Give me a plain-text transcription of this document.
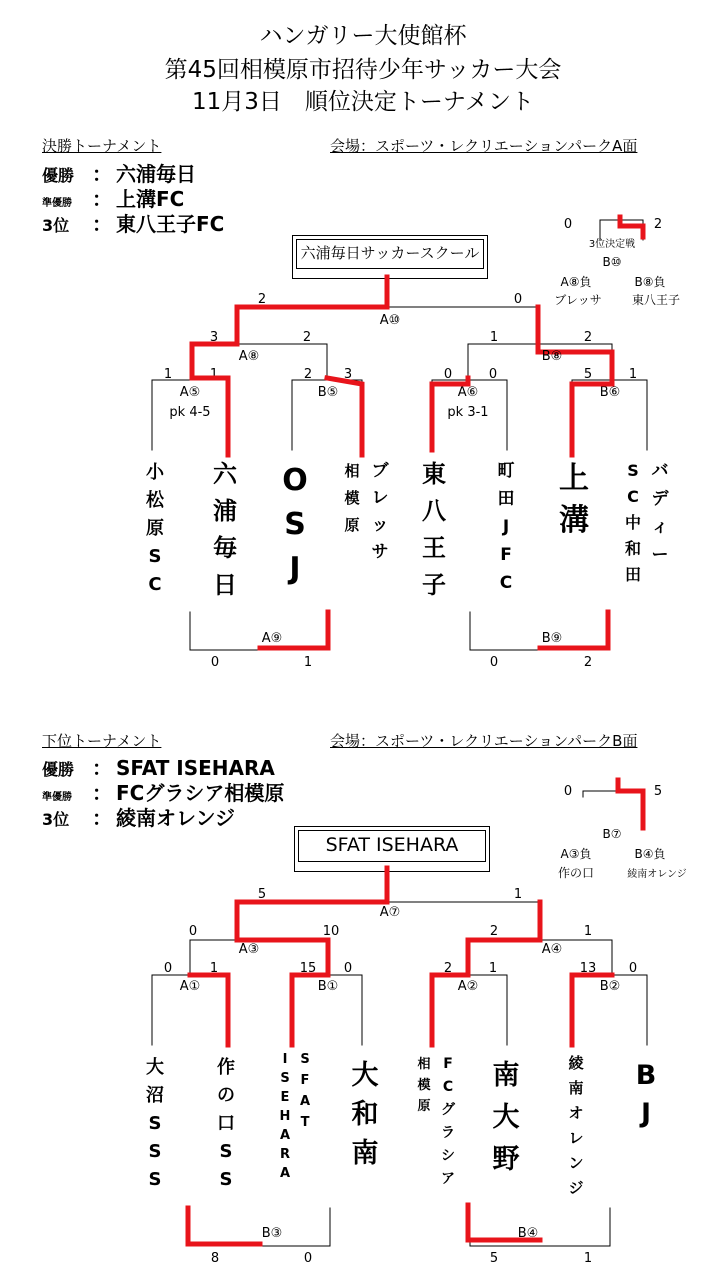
ハンガリー大使館杯
第45回相模原市招待少年サッカー大会
11月3日　順位決定トーナメント
決勝トーナメント	会場：スポーツ・レクリエーションパークA面
優勝 ： 六浦毎日
準優勝 ： 上溝FC
3位 ： 東八王子FC
六浦毎日サッカースクール
下位トーナメント	会場：スポーツ・レクリエーションパークB面
優勝 ： SFAT ISEHARA
準優勝 ： FCグラシア相模原
3位 ： 綾南オレンジ
SFAT ISEHARA
0	2
3位決定戦
B⑩
A⑧負	B⑧負
ブレッサ	東八王子
2	0
A⑩
3	2
A⑧
1	2
B⑧
1	1
A⑤
pk 4-5
2 3
B⑤
0	0
A⑥
pk 3-1
5	1
B⑥
小松原 S C
六浦毎日
O S J
相模原
ブレッサ
東八王子
町田 J F C
上溝
S C 中和田
バディー
A⑨
0	1
B⑨
0	2
0	5
B⑦
A③負	B④負
作の口	綾南オレンジ
5	1
A⑦
0	10
A③
2	1
A④
0	1
A①
15 0
B①
2	1
A②
13	0
B②
大沼 S S S
作の口 S S
I S E H A R A
S F A T
大和南
相模原
F C グラシア
南大野
綾南オレンジ
B J
B③
8	0
B④
5	1
